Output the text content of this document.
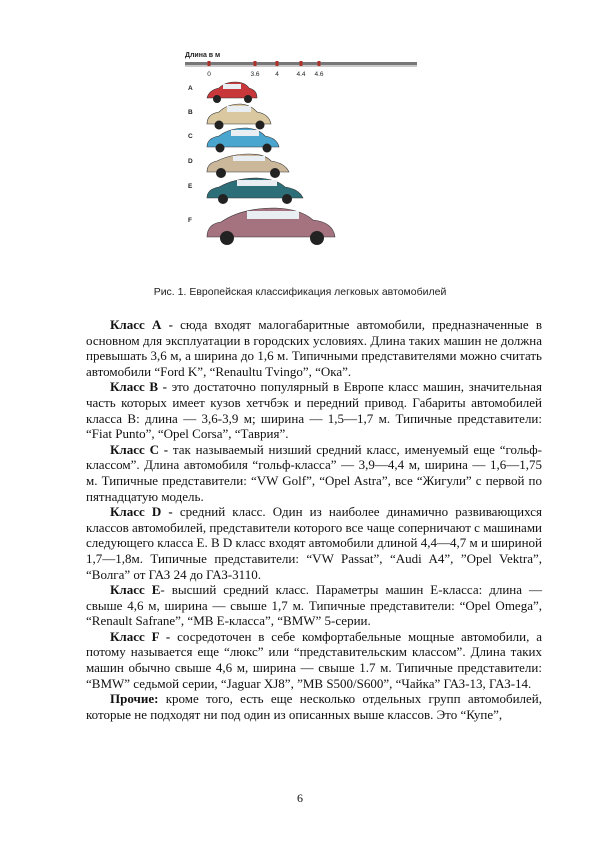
Длина в м
0	3.6 4	4.4 4.6
A
B
C
D
E
F
Рис. 1. Европейская классификация легковых автомобилей

Класс А - сюда входят малогабаритные автомобили, предназначенные в основном для эксплуатации в городских условиях. Длина таких машин не должна превышать 3,6 м, а ширина до 1,6 м. Типичными представителями можно считать автомобили “Ford K”, “Renaultu Tvingo”, “Ока”.

Класс В - это достаточно популярный в Европе класс машин, значительная часть которых имеет кузов хетчбэк и передний привод. Габариты автомобилей класса В: длина — 3,6-3,9 м; ширина — 1,5—1,7 м. Типичные представители: “Fiat Punto”, “Opel Corsa”, “Таврия”.

Класс С - так называемый низший средний класс, именуемый еще “гольф-классом”. Длина автомобиля “гольф-класса” — 3,9—4,4 м, ширина — 1,6—1,75 м. Типичные представители: “VW Golf”, “Opel Astra”, все “Жигули” с первой по пятнадцатую модель.

Класс D - средний класс. Один из наиболее динамично развивающихся классов автомобилей, представители которого все чаще соперничают с машинами следующего класса Е. В D класс входят автомобили длиной 4,4—4,7 м и шириной 1,7—1,8м. Типичные представители: “VW Passat”, “Audi A4”, ”Opel Vektra”, “Волга” от ГАЗ 24 до ГАЗ-3110.

Класс Е- высший средний класс. Параметры машин Е-класса: длина — свыше 4,6 м, ширина — свыше 1,7 м. Типичные представители: “Opel Omega”, “Renault Safrane”, “MB E-класса”, “BMW” 5-серии.

Класс F - сосредоточен в себе комфортабельные мощные автомобили, а потому называется еще “люкс” или “представительским классом”. Длина таких машин обычно свыше 4,6 м, ширина — свыше 1.7 м. Типичные представители: “BMW” седьмой серии, “Jaguar XJ8”, ”MB S500/S600”, “Чайка” ГАЗ-13, ГАЗ-14.

Прочие: кроме того, есть еще несколько отдельных групп автомобилей, которые не подходят ни под один из описанных выше классов. Это “Купе”,

6
